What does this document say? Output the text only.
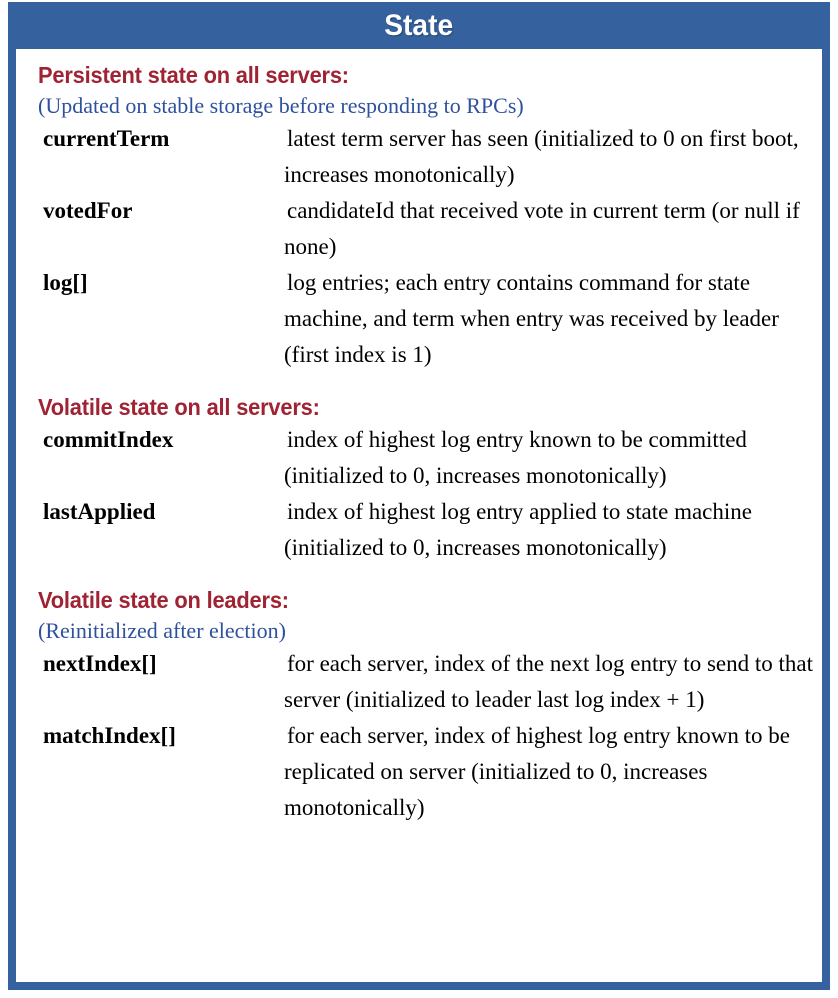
State
Persistent state on all servers:
(Updated on stable storage before responding to RPCs)
currentTerm	latest term server has seen (initialized to 0 on first boot, increases monotonically)
votedFor	candidateId that received vote in current term (or null if none)
log[]	log entries; each entry contains command for state machine, and term when entry was received by leader (first index is 1)
Volatile state on all servers:
commitIndex	index of highest log entry known to be committed (initialized to 0, increases monotonically)
lastApplied	index of highest log entry applied to state machine (initialized to 0, increases monotonically)
Volatile state on leaders:
(Reinitialized after election)
nextIndex[]	for each server, index of the next log entry to send to that server (initialized to leader last log index + 1)
matchIndex[]	for each server, index of highest log entry known to be replicated on server (initialized to 0, increases monotonically)
